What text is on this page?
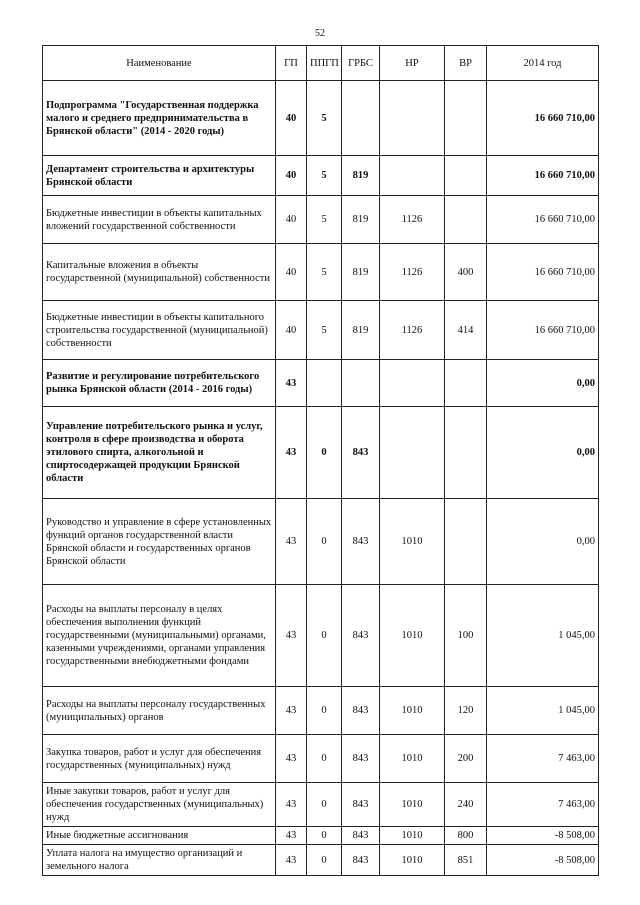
52
Наименование	ГП	ППГП	ГРБС	НР	ВР	2014 год
Подпрограмма "Государственная поддержка малого и среднего предпринимательства в Брянской области" (2014 - 2020 годы)	40	5				16 660 710,00
Департамент строительства и архитектуры Брянской области	40	5	819			16 660 710,00
Бюджетные инвестиции в объекты капитальных вложений государственной собственности	40	5	819	1126		16 660 710,00
Капитальные вложения в объекты государственной (муниципальной) собственности	40	5	819	1126	400	16 660 710,00
Бюджетные инвестиции в объекты капитального строительства государственной (муниципальной) собственности	40	5	819	1126	414	16 660 710,00
Развитие и регулирование потребительского рынка Брянской области (2014 - 2016 годы)	43					0,00
Управление потребительского рынка и услуг, контроля в сфере производства и оборота этилового спирта, алкогольной и спиртосодержащей продукции Брянской области	43	0	843			0,00
Руководство и управление в сфере установленных функций органов государственной власти Брянской области и государственных органов Брянской области	43	0	843	1010		0,00
Расходы на выплаты персоналу в целях обеспечения выполнения функций государственными (муниципальными) органами, казенными учреждениями, органами управления государственными внебюджетными фондами	43	0	843	1010	100	1 045,00
Расходы на выплаты персоналу государственных (муниципальных) органов	43	0	843	1010	120	1 045,00
Закупка товаров, работ и услуг для обеспечения государственных (муниципальных) нужд	43	0	843	1010	200	7 463,00
Иные закупки товаров, работ и услуг для обеспечения государственных (муниципальных) нужд	43	0	843	1010	240	7 463,00
Иные бюджетные ассигнования	43	0	843	1010	800	-8 508,00
Уплата налога на имущество организаций и земельного налога	43	0	843	1010	851	-8 508,00
